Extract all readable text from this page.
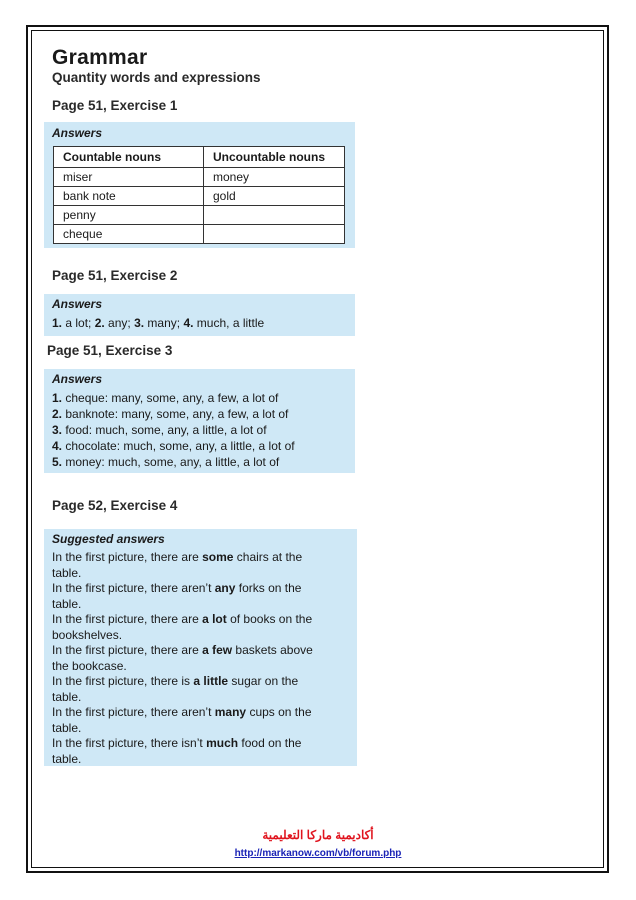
Grammar
Quantity words and expressions
Page 51, Exercise 1
Answers
Countable nouns	Uncountable nouns
miser	money
bank note	gold
penny	
cheque	
Page 51, Exercise 2
Answers
1. a lot; 2. any; 3. many; 4. much, a little
Page 51, Exercise 3
Answers
1. cheque: many, some, any, a few, a lot of
2. banknote: many, some, any, a few, a lot of
3. food: much, some, any, a little, a lot of
4. chocolate: much, some, any, a little, a lot of
5. money: much, some, any, a little, a lot of
Page 52, Exercise 4
Suggested answers
In the first picture, there are some chairs at the
table.
In the first picture, there aren’t any forks on the
table.
In the first picture, there are a lot of books on the
bookshelves.
In the first picture, there are a few baskets above
the bookcase.
In the first picture, there is a little sugar on the
table.
In the first picture, there aren’t many cups on the
table.
In the first picture, there isn’t much food on the
table.
أكاديمية ماركا التعليمية
http://markanow.com/vb/forum.php
